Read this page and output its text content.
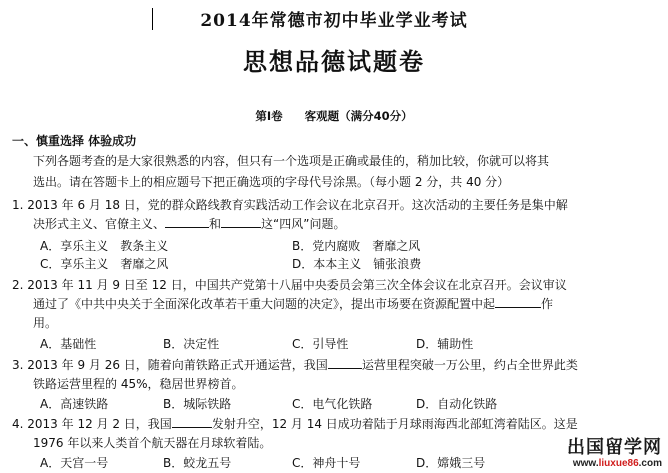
2014年常德市初中毕业学业考试
思想品德试题卷
第Ⅰ卷 客观题（满分40分）
一、慎重选择 体验成功
下列各题考查的是大家很熟悉的内容，但只有一个选项是正确或最佳的，稍加比较，你就可以将其
选出。请在答题卡上的相应题号下把正确选项的字母代号涂黑。（每小题 2 分，共 40 分）
1. 2013 年 6 月 18 日，党的群众路线教育实践活动工作会议在北京召开。这次活动的主要任务是集中解
决形式主义、官僚主义、	和	这“四风”问题。
A．享乐主义　教条主义	B．党内腐败　奢靡之风
C．享乐主义　奢靡之风	D．本本主义　铺张浪费
2. 2013 年 11 月 9 日至 12 日，中国共产党第十八届中央委员会第三次全体会议在北京召开。会议审议
通过了《中共中央关于全面深化改革若干重大问题的决定》，提出市场要在资源配置中起	作
用。
A．基础性	B．决定性	C．引导性	D．辅助性
3. 2013 年 9 月 26 日，随着向莆铁路正式开通运营，我国	运营里程突破一万公里，约占全世界此类
铁路运营里程的 45%，稳居世界榜首。
A．高速铁路	B．城际铁路	C．电气化铁路	D．自动化铁路
4. 2013 年 12 月 2 日，我国	发射升空，12 月 14 日成功着陆于月球雨海西北部虹湾着陆区。这是
1976 年以来人类首个航天器在月球软着陆。
A．天宫一号	B．蛟龙五号	C．神舟十号	D．嫦娥三号
出国留学网
www.liuxue86.com
